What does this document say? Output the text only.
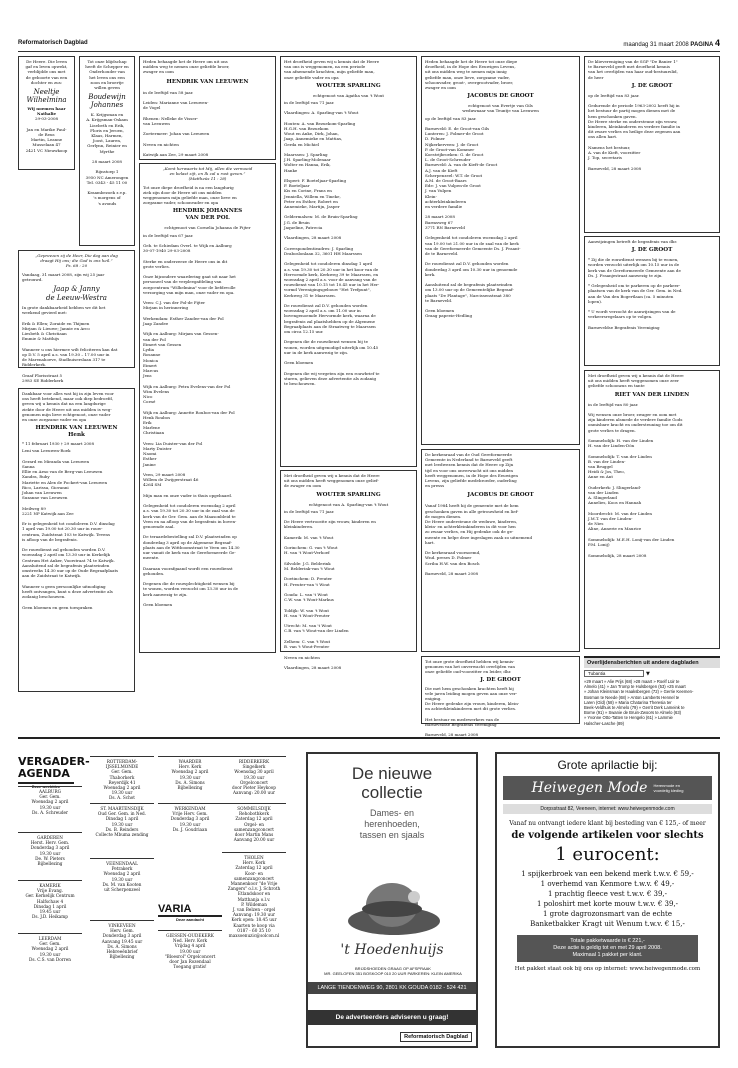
Reformatorisch Dagblad	maandag 31 maart 2008 PAGINA 4
De Heere. Die leven
gaf en leven opwekt,
verblijdde ons met
de geboorte van een
dochter en zus:
Neeltje
Wilhelmina
Wij noemen haar
Nathalie
29-03-2008

Jan en Marike Paul-
de Reus
Martin, Leanne
Musselaan 47
2421 VC Nieuwkoop
Tot onze blijdschap
heeft de Schepper en
Onderhouder van
het leven ons een
zoon en broertje
willen geven
Boudewijn
Johannes
K. Krijgsman en
A. Krijgsman-Oskam
Lisebeth en Erik,
Floris en Jeroen,
Klaas, Harmen,
Joost, Lauren,
Gerlynn, Reinier en
Myrthe

28 maart 2008

Rijnstoep 1
3950 NC Amerongen
Tel. 0343 - 45 11 00

Kraambezoek z.v.p.
's morgens of
's avonds
„Gepreezen zij de Heer, Die dag aan dag
draagt Hij ons; die God is ons heil.”
Ps. 68 : 20
Vandaag, 31 maart 2008, zijn wij 25 jaar
getrouwd.
Jaap & Janny
de Leeuw-Westra
In grote dankbaarheid hebben we dit het
weekend gevierd met:

Erik & Ellen; Zoraide en Thijmen
Mirjam & Lieuwe; Jannie en Arco
Liesbeth & Christiaan
Emmie & Matthijs

Wanneer u ons hiermee wilt feliciteren kan dat
op D.V. 5 april a.s. van 19.30 – 17.00 uur in
de Marenahoeve, Stadhuiserslaan 317 te
Ridderkerk.

Graaf Florisstraat 5
2983 SE Ridderkerk
Dankbaar voor alles wat hij in zijn leven voor
ons heeft betekend, maar ook diep bedroefd,
geven wij u kennis dat na een langdurige
ziekte door de Heere uit ons midden is weg-
genomen mijn lieve echtgenoot, onze vader
en onze zorgzame vader en opa
HENDRIK VAN LEEUWEN
Henk
* 11 februari 1930 † 29 maart 2008
Leni van Leeuwen-Roek

Gerard en Miranda van Leeuwen
Sanna
Ellie en Arno van de Berg-van Leeuwen
Xandra, Ruby
Mariette en Alex de Fockert-van Leeuwen
Rico, Larissa, Giovanni
Johan van Leeuwen
Suzanne van Leeuwen

Meilweg 89
2221 NP Katwijk aan Zee

Er is gelegenheid tot condoleren D.V. dinsdag
1 april van 19.00 tot 20.30 uur in rouw-
centrum, Zuidstraat 103 te Katwijk. Tevens
is afloop van de begrafenis.

De rouwdienst zal gehouden worden D.V.
woensdag 2 april om 13.30 uur in Kerkelijk
Centrum Het Anker, Voorstraat 74 te Katwijk.
Aansluitend zal de begrafenis plaatsvinden
omstreeks 14.30 uur op de Oude Begraafplaats
aan de Zuidstraat te Katwijk.

Wanneer u geen persoonlijke uitnodiging
heeft ontvangen, kunt u deze advertentie als
zodanig beschouwen.

Geen bloemen en geen toespraken
Heden behaagde het de Heere om uit ons
midden weg te nemen onze geliefde broer,
zwager en oom
HENDRIK VAN LEEUWEN
in de leeftijd van 58 jaar.

Leiden: Marianne van Leeuwen-
de Vogel

Rhenen: Nelleke de Visser-
van Leeuwen

Zoetermeer: Johan van Leeuwen

Neven en nichten

Katwijk aan Zee, 29 maart 2008
„Komt herwaarts tot Mij, allen die vermoeid
en belast zijt, en Ik zal u rust geven.”
(Mattheüs 11 : 28)
Tot onze diepe droefheid is na een langdurig
ziek zijn door de Heere uit ons midden
weggenomen mijn geliefde man, onze lieve en
zorgzame vader, schoonvader en opa
HENDRIK JOHANNES
VAN DER POL
echtgenoot van Cornelia Johanna de Fijter
in de leeftijd van 67 jaar.

Geb. te Schiedam Overl. te Wijk en Aalburg
30-07-1940 29-03-2008

Sterke en onderzeeze de Heere ons in dit
grote verlies.

Onze bijzondere waardering gaat uit naar het
personeel van de verpleegafdeling van
zorgcentrum "Wilhelmina" voor de liefdevolle
verzorging van mijn man, onze vader en opa.

Veen: C.J. van der Pol-de Fijter
Mirjam in herinnering

Werkendam: Esther Zandee-van der Pol
Jaap Zandee

Wijk en Aalburg: Mirjam van Gessen-
van der Pol
Eimert van Gessen
Lydia
Rosanne
Monica
Eimert
Marcus
Jens

Wijk en Aalburg: Petra Evelens-van der Pol
Wim Evelens
Nico
Corné

Wijk en Aalburg: Annette Roubos-van der Pol
Henk Roubos
Erik
Marlene
Christiaan

Veen: Lia Duister-van der Pol
Marty Duister
Naomi
Esther
Janine

Veen, 29 maart 2008
Willem de Zwijgerstraat 46
4264 SM

Mijn man en onze vader is thuis opgebaard.

Gelegenheid tot condoleren woensdag 2 april
a.s. van 19.30 tot 20.30 uur in de zaal van de
kerk van de Ger. Gem. aan de Maasonbleid te
Veen en na afloop van de begrafenis in boven-
genoemde zaal.

De teraardebestelling zal D.V. plaatsvinden op
donderdag 3 april op de Algemene Begraaf-
plaats aan de Wittboomstraat te Veen om 14.30
uur vanuit de kerk van de Gereformeerde Ge-
meente.

Daaraan voorafgaand wordt een rouwdienst
gehouden.

Degenen die de rouwplechtigheid wensen bij
te wonen, worden verzocht om 13.30 uur in de
kerk aanwezig te zijn.

Geen bloemen
Het droefheid geven wij u kennis dat de Heere
van ons is weggenomen, na een periode
van afnemende krachten, mijn geliefde man,
onze geliefde vader en opa
WOUTER SPARLING
echtgenoot van Agatha van 't Wout
in de leeftijd van 71 jaar.

Vlaardingen: A. Sparling-van 't Wout

Houten: A. van Bezuekom-Sparling
H.G.H. van Bezuekom
Wout en Anke, Dirk, Johan,
Jaap, Annemieke en Mattias,
Gerda en Michiel

Maarssen: J. Sparling
J.H. Sparling-Molenaar
Wolter en Hanna, Erik,
Hanke

Elspeet: F. Boeteljaar-Sparling
F. Boeteljaar
Kis en Corine, Frans en
Jenniella, Willem en Tineke,
Peter en Esther, Robert en
Annemieke, Martijn, Jasper

Geldermalsen: M. de Bruin-Sparling
J.G. de Bruin
Jaqueline, Patrecia

Vlaardingen, 28 maart 2008

Correspondentieadres: J. Sparling
Draboslonlaan 32, 3601 HH Maarssen

Gelegenheid tot condoleren dinsdag 1 april
a.s. van 19.30 tot 20.30 uur in het koor van de
Hervormde kerk, Kerkweg 39 te Maarssen, en
woensdag 2 april a.s. voor de aanvang van de
rouwdienst van 10.15 tot 10.45 uur in het Her-
vormd Verenigingsgebouw "Het Trefpunt",
Kerkweg 31 te Maarssen.

De rouwdienst zal D.V. gehouden worden
woensdag 2 april a.s. om 11.00 uur in
bovengenoemde Hervormde kerk, waarna de
begrafenis zal plaatshebben op de Algemene
Begraafplaats aan de Straatweg te Maarssen
om circa 12.15 uur.

Degenen die de rouwdienst wensen bij te
wonen, worden uitgenodigd uiterlijk om 10.45
uur in de kerk aanwezig te zijn.

Geen bloemen

Degenen die wij vergeten zijn een rouwbrief te
sturen, gelieven deze advertentie als zodanig
te beschouwen.
Met droefheid geven wij u kennis dat de Heere
uit ons midden heeft weggenomen onze gelief-
de zwager en oom
WOUTER SPARLING
echtgenoot van A. Sparling-van 't Wout
in de leeftijd van 71 jaar.

De Heere vertroostte zijn vrouw, kinderen en
kleinkinderen.

Kamerik: M. van 't Wout

Gorinchem: G. van 't Wout
H. van 't Wout-Verhoef

Silvolde: J.G. Belderink
M. Belderink-van 't Wout

Doetinchem: D. Preuter
H. Preuter-van 't Wout

Gouda: L. van 't Wout
C.W. van 't Wout-Markus

Toldijk: W. van 't Wout
H. van 't Wout-Preuter

Utrecht: M. van 't Wout
C.B. van 't Wout-van der Linden

Zelhem: C. van 't Wout
B. van 't Wout-Preuter

Neven en nichten

Vlaardingen, 28 maart 2008
Heden behaagde het de Heere tot onze diepe
droefheid, in de Hope des Eeuwigen Levens,
uit ons midden weg te nemen mijn innig
geliefde man, onze lieve, zorgzame vader,
schoonvader, groot-, overgrootvader, broer,
zwager en oom
JACOBUS DE GROOT
echtgenoot van Evertje van Gils
weduwnaar van Teuntje van Leeuwen
op de leeftijd van 83 jaar.

Barneveld: E. de Groot-van Gils
Lunteren: J. Folmer-de Groot
D. Folmer
Nijkerkerveen: J. de Groot
P. de Groot-van Kommer
Koestrijbroeken: G. de Groot
L. de Groot-Schreuder
Barneveld: A. van de Kieft-de Groot
A.J. van de Kieft
Scherpenzeel: W.T. de Groot
A.M. de Groot-Baars
Ede: J. van Vulpen-de Groot
J. van Vulpen
Klein-
achterkleinkinderen
en verdere familie

28 maart 2008
Barmsweg 67
3771 RN Barneveld

Gelegenheid tot condoleren woensdag 2 april
van 19.00 tot 21.00 uur in de zaal van de kerk
van de Gereformeerde Gemeente Ds. J. Fraant-
de te Barneveld.

De rouwdienst zal D.V. gehouden worden
donderdag 3 april om 10.30 uur in genoemde
kerk.

Aansluitend zal de begrafenis plaatsvinden
om 13.00 uur op de Gemeentelijke Begraaf-
plaats "De Plantage", Narcissenstraat 380
te Barneveld.

Geen bloemen
Graag papeeie-Hedling
De kerkenraad van de Oud Gereformeerde
Gemeente in Nederland te Barneveld geeft
met leedwezen kennis dat de Heere op Zijn
tijd en voor ons onverwacht uit ons midden
heeft weggenomen, in de Hope des Eeuwigen
Levens, zijn geliefde medebroeder, ouderling
en presss
JACOBUS DE GROOT
Vanaf 1984 heeft hij de gemeente met de hem
geschonken gaven in alle getrouwheid en lief-
de mogen dienen.
De Heere ondersteune de weduwe, kinderen,
klein- en achterkleinkinderen in dit voor hen
zo zwaar verlies, en Hij gedenke ook de ge-
meente en helpe deze ingeslagen zaak zo uitnemend
hart.

De kerkenraad voornoemd,
Wnd. preses D. Folmer
Scriba H.W. van den Bosch

Barneveld, 28 maart 2008
Tot onze grote droefheid hebben wij kennis-
genomen van het onverwacht overlijden van
onze geliefde oud-voorzitter en leider, dhr.
J. DE GROOT
Die met hem geschonken krachten heeft hij
vele jaren leiding mogen geven aan onze ver-
eniging.
De Heere gedenke zijn vrouw, kinderen, klein-
en achterkleinkinderen met dit grote verlies.

Het bestuur en medewerkers van de
Barneveldse Begrafenis Vereniging

Barneveld, 28 maart 2008
De klievereniging van de SGP "De Banier 1"
te Barneveld geeft met droefheid kennis
van het overlijden van haar oud-bestuurslid,
de heer
J. DE GROOT
op de leeftijd van 83 jaar.

Gedurende de periode 1963-2002 heeft hij in
het bestuur de partij mogen dienen met de
hem geschonken gaven.
De Heere sterke en ondersteune zijn vrouw,
kinderen, kleinkinderen en verdere familie in
dit zware verlies en heilige deze zegenen aan
ons allen hart.

Namens het bestuur,
A. van de Kieft, voorzitter
J. Top, secretaris

Barneveld, 28 maart 2008
Aanwijzingen betreft de begrafenis van dhr.
J. DE GROOT
* Zij die de rouwdienst wensen bij te wonen,
worden verzocht uiterlijk om 10.15 uur in de
kerk van de Gereformeerde Gemeente aan de
Ds. J. Fraanjestraat aanwezig te zijn.

* Gelegenheid om te parkeren op de parkeer-
plaatsen van de kerk van de Ger. Gem. in Ned.
aan de Van den Bogertlaan (ca. 5 minuten
lopen).

* U wordt verzocht de aanwijzingen van de
verkeersregelaars op te volgen.

Barneveldse Begrafenis Vereniging
Met droefheid geven wij u kennis dat de Heere
uit ons midden heeft weggenomen onze zeer
geliefde schoonzus en tante
RIET VAN DER LINDEN
in de leeftijd van 80 jaar.

Wij wensen onze broer, zwager en oom met
zijn kinderen alsmede de verdere familie Gods
onmisbare kracht en ondersteuning toe om dit
grote verlies te dragen.

Sommelsdijk: H. van der Linden
H. van der Linden-Dön

Sommelsdijk: T. van der Linden
B. van der Linden-
van Bruggel
Heidi & Jos, Theo,
Anne en Ant

Ouderkerk: J. Slingerland-
van der Linden
A. Slingerland
Annelies, Koos en Hannah

Moordrecht: M. van der Linden
J.M.T. van der Linden-
de Nies
Aline, Annerie en Maurice

Sommelsdijk: M.E.H. Lonij-van der Linden
P.M. Lonij)

Sommelsdijk, 28 maart 2008
Overlijdensberichten uit andere dagbladen
Tubantia	▼
»29 maart » Alie Prijs (68) »28 maart » Roelf Lüir te
Almelo (41) » Jan Tromp te Hulsbergen (53) »25 maart
» Johan Kleinsman te Haaksbergen (72) » Gerrie Keemen-
Bosman te Neede (68) » Anton Lamberts Hennel te
Laren (Gld) (58) » Maria Chatarina Theresia ter
Beek-Veldhuis te Almelo (79) » Gerrit Derk Lameink te
Borne (91) » Swanie de Bruin-Zwoors te Almelo (63)
» Yvonne Otto-Tatten te Hengelo (61) » Lammie
Halscher-Lasche (89)
VERGADER-
AGENDA
Deze week/dec
AALBURG
Ger. Gem.
Woensdag 2 april
19.30 uur
Ds. A. Schreuder
GARDEREN
Herst. Herv. Gem.
Donderdag 3 april
19.30 uur
De. W. Pieters
Bijbellezing
KAMERIK
Vrije Evang.
Ger. Kerkelijk Centrum
Halfschaw 4
Dinsdag 1 april
19.45 uur
Ds. J.D. Heikamp
LEERDAM
Ger. Gem.
Woensdag 2 april
19.30 uur
Ds. C.S. van Dorren
ROTTERDAM-
IJSSELMONDE
Ger. Gem.
Thaborkerk
Reyerdijk 41
Woensdag 2 april
19.30 uur
Ds. A. Schot
ST. MAARTENSDIJK
Oud Ger. Gem. in Ned.
Dinsdag 1 april
19.30 uur
Ds. B. Reinders
Collecte Mbuma zending
VEENENDAAL
Petrakerk
Woensdag 2 april
19.30 uur
Ds. M. van Kooten
uit Scherpenzeel
VINKEVEEN
Herv. Gem.
Donderdag 3 april
Aanvang 19.45 uur
Ds. A. Simons
Hebreeënbrief
Bijbellezing
WAARDER
Herv. Kerk
Woensdag 2 april
19.30 uur
Ds. A. Simons
Bijbellezing
WERKENDAM
Vrije Herv. Gem.
Donderdag 3 april
19.30 uur
Ds. J. Goudriaan
RIDDERKERK
Singelkerk
Woensdag 30 april
19.30 uur
Orgelconcert
door Pieter Heykoop
Aanvang: 20.00 uur
SOMMELSDIJK
Rehobothkerk
Zaterdag 12 april
Orgel- en
samenzangconcert
door Martin Mans
Aanvang 20.00 uur
THOLEN
Herv. Kerk
Zaterdag 12 april
Koor- en
samenzangconcert
Mannenkoor "de Vrije
Zangers" o.l.v. J. Schroth
Etlandskoor en
Matthanja o.l.v.
P. Wildeman
J. van Belzen - orgel
Aanvang: 19.30 uur
Kerk open: 18.45 uur
Kaarten te koop via
0187 - 60 35 10
maxsoenuzic@solcon.nl
GIESSEN-OUDEKERK
Ned. Herv. Kerk
Vrijdag 4 april
19.00 uur
"Bloesrol" Orgelconcert
door Jan Rozendaal
Toegang gratis!
VARIA
Deze aandacht
De nieuwe
collectie
Dames- en
herenhoeden,
tassen en sjaals
't Hoedenhuijs
BRIJDSHOEDEN GRAAG OP AFSPRAAK
MR. GEELOFEN 351 BOSKOOP 010 20 UUR PARKEREN: KLEIN AMERIKA
LANGE TIENDENWEG 90, 2801 KK GOUDA 0182 - 524 421
De adverteerders adviseren u graag!
Reformatorisch Dagblad
Grote aprilactie bij:
Heiwegen Mode Herenmode en
voordelig kleding
Dorpsstraat 82, Veeneen, internet: www.heiwegenmode.com
Vanaf nu ontvangt iedere klant bij besteding van € 125,- of meer
de volgende artikelen voor slechts
1 eurocent:
1 spijkerbroek van een bekend merk t.w.v. € 59,-
1 overhemd van Kenmore t.w.v. € 49,-
1 prachtig fleece vest t.w.v. € 39,-
1 poloshirt met korte mouw t.w.v. € 39,-
1 grote dagrozonsmart van de echte
Banketbakker Kragt uit Wenum t.w.v. € 15,-
Totale pakketwaarde is € 221,-
Deze actie is geldig tot en met 29 april 2008.
Maximaal 1 pakket per klant.
Het pakket staat ook bij ons op internet: www.heiwegenmode.com
